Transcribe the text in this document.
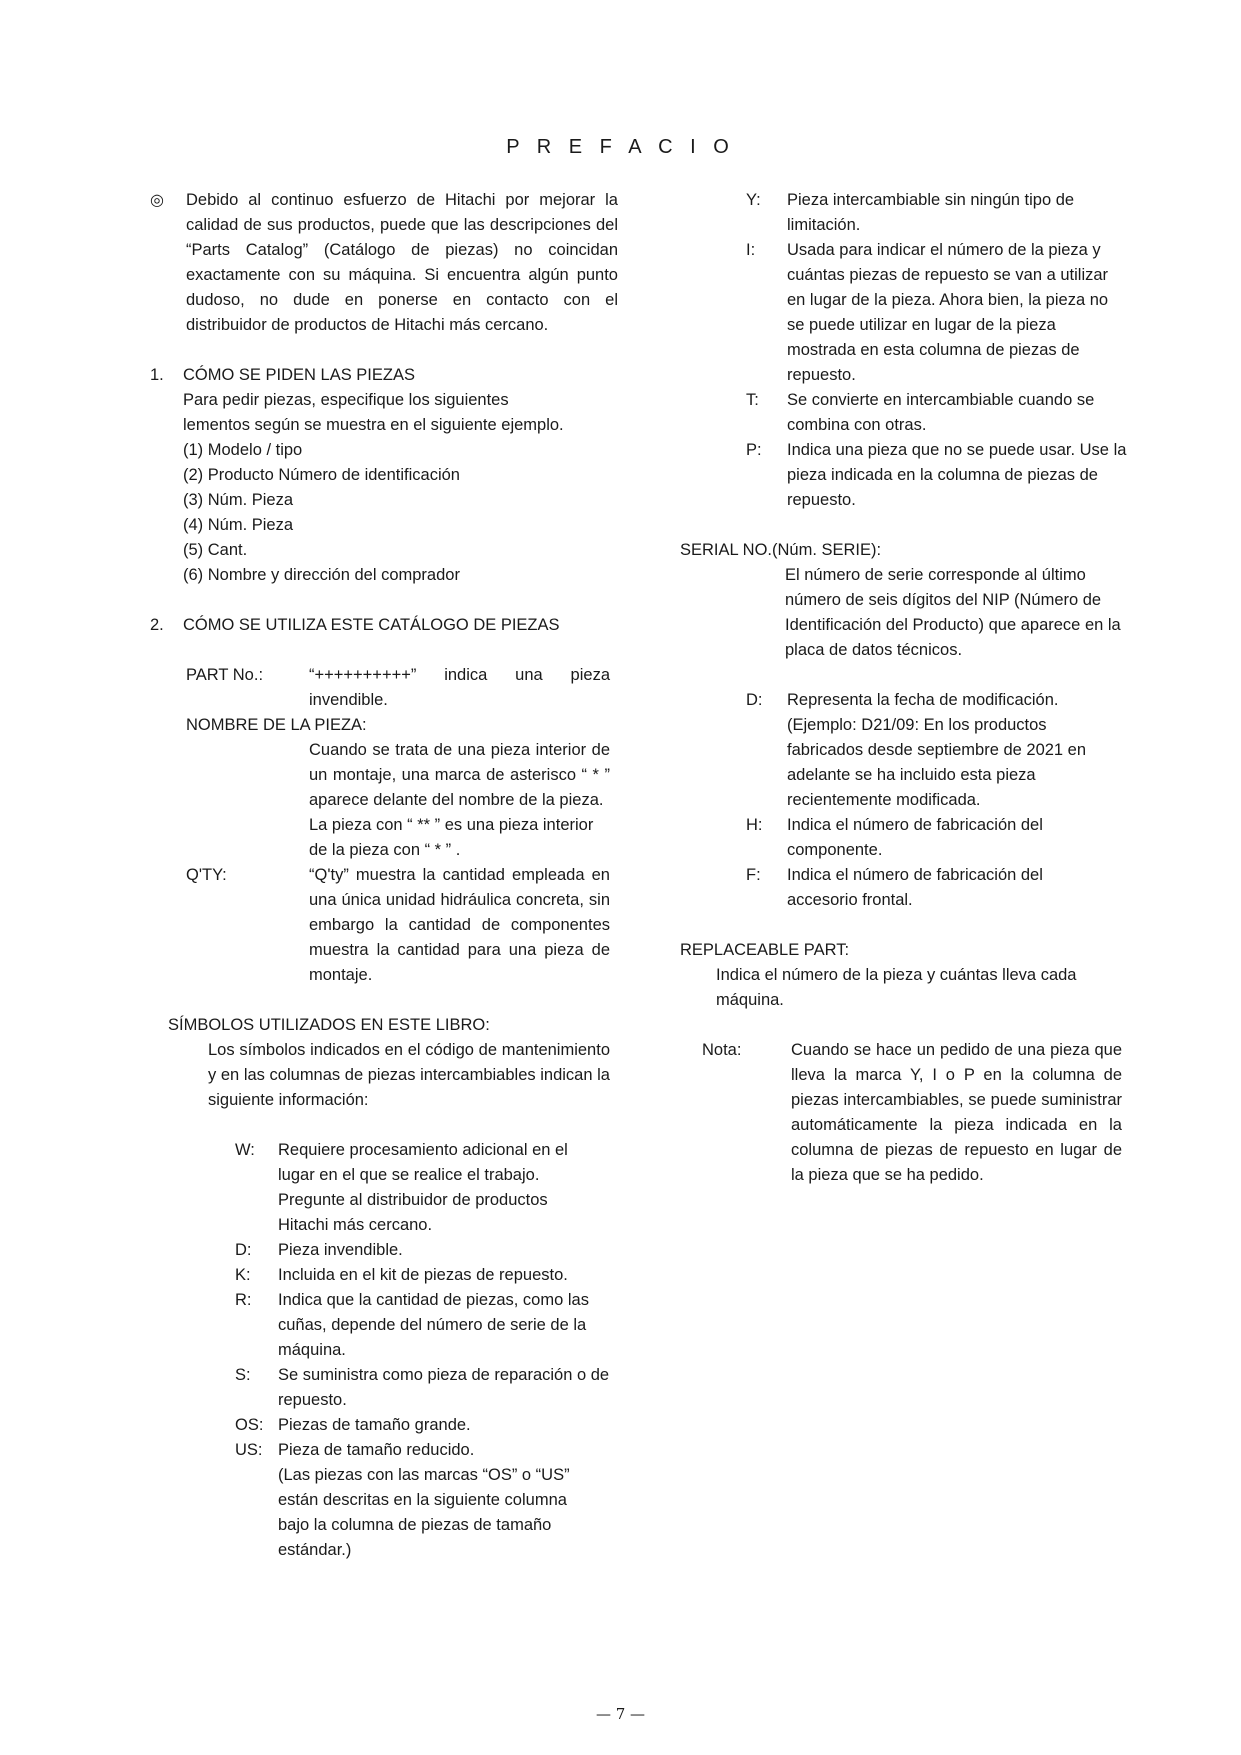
P R E F A C I O
◎	Debido al continuo esfuerzo de Hitachi por mejorar la calidad de sus productos, puede que las descripciones del “Parts Catalog” (Catálogo de piezas) no coincidan exactamente con su máquina. Si encuentra algún punto dudoso, no dude en ponerse en contacto con el distribuidor de productos de Hitachi más cercano.
1.	CÓMO SE PIDEN LAS PIEZAS
Para pedir piezas, especifique los siguientes lementos según se muestra en el siguiente ejemplo.
(1) Modelo / tipo
(2) Producto Número de identificación
(3) Núm. Pieza
(4) Núm. Pieza
(5) Cant.
(6) Nombre y dirección del comprador
2.	CÓMO SE UTILIZA ESTE CATÁLOGO DE PIEZAS
PART No.:	“++++++++++” indica una pieza invendible.
NOMBRE DE LA PIEZA:
Cuando se trata de una pieza interior de un montaje, una marca de asterisco “ * ” aparece delante del nombre de la pieza.
La pieza con “ ** ” es una pieza interior de la pieza con “ * ” .
Q'TY:	“Q'ty” muestra la cantidad empleada en una única unidad hidráulica concreta, sin embargo la cantidad de componentes muestra la cantidad para una pieza de montaje.
SÍMBOLOS UTILIZADOS EN ESTE LIBRO:
Los símbolos indicados en el código de mantenimiento y en las columnas de piezas intercambiables indican la siguiente información:
W:	Requiere procesamiento adicional en el lugar en el que se realice el trabajo. Pregunte al distribuidor de productos Hitachi más cercano.
D:	Pieza invendible.
K:	Incluida en el kit de piezas de repuesto.
R:	Indica que la cantidad de piezas, como las cuñas, depende del número de serie de la máquina.
S:	Se suministra como pieza de reparación o de repuesto.
OS: Piezas de tamaño grande.
US: Pieza de tamaño reducido.
(Las piezas con las marcas “OS” o “US” están descritas en la siguiente columna bajo la columna de piezas de tamaño estándar.)
Y:	Pieza intercambiable sin ningún tipo de limitación.
I:	Usada para indicar el número de la pieza y cuántas piezas de repuesto se van a utilizar en lugar de la pieza. Ahora bien, la pieza no se puede utilizar en lugar de la pieza mostrada en esta columna de piezas de repuesto.
T:	Se convierte en intercambiable cuando se combina con otras.
P:	Indica una pieza que no se puede usar. Use la pieza indicada en la columna de piezas de repuesto.
SERIAL NO.(Núm. SERIE):
El número de serie corresponde al último número de seis dígitos del NIP (Número de Identificación del Producto) que aparece en la placa de datos técnicos.
D:	Representa la fecha de modificación. (Ejemplo: D21/09: En los productos fabricados desde septiembre de 2021 en adelante se ha incluido esta pieza recientemente modificada.
H:	Indica el número de fabricación del componente.
F:	Indica el número de fabricación del accesorio frontal.
REPLACEABLE PART:
Indica el número de la pieza y cuántas lleva cada máquina.
Nota:	Cuando se hace un pedido de una pieza que lleva la marca Y, I o P en la columna de piezas intercambiables, se puede suministrar automáticamente la pieza indicada en la columna de piezas de repuesto en lugar de la pieza que se ha pedido.
— 7 —
